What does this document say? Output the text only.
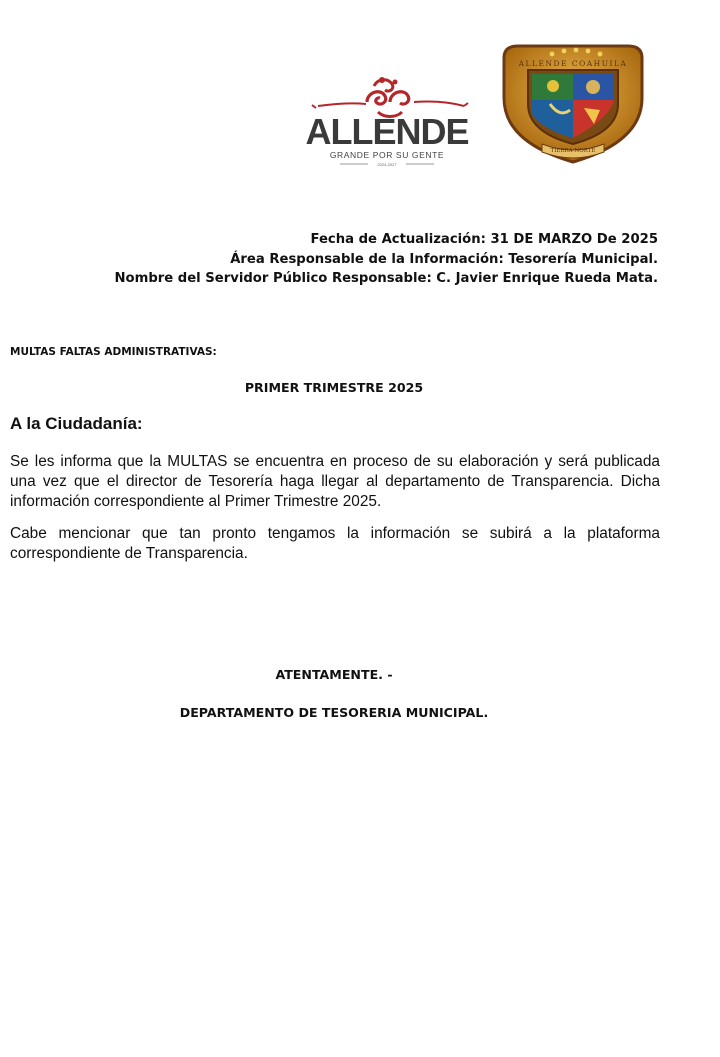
ALLENDE
GRANDE POR SU GENTE
2024-2027
ALLENDE COAHUILA
TIERRA NORTE
Fecha de Actualización: 31 DE MARZO De 2025
Área Responsable de la Información: Tesorería Municipal.
Nombre del Servidor Público Responsable: C. Javier Enrique Rueda Mata.
MULTAS FALTAS ADMINISTRATIVAS:
PRIMER TRIMESTRE 2025
A la Ciudadanía:
Se les informa que la MULTAS se encuentra en proceso de su elaboración y será publicada una vez que el director de Tesorería haga llegar al departamento de Transparencia. Dicha información correspondiente al Primer Trimestre 2025.
Cabe mencionar que tan pronto tengamos la información se subirá a la plataforma correspondiente de Transparencia.
ATENTAMENTE. -
DEPARTAMENTO DE TESORERIA MUNICIPAL.
